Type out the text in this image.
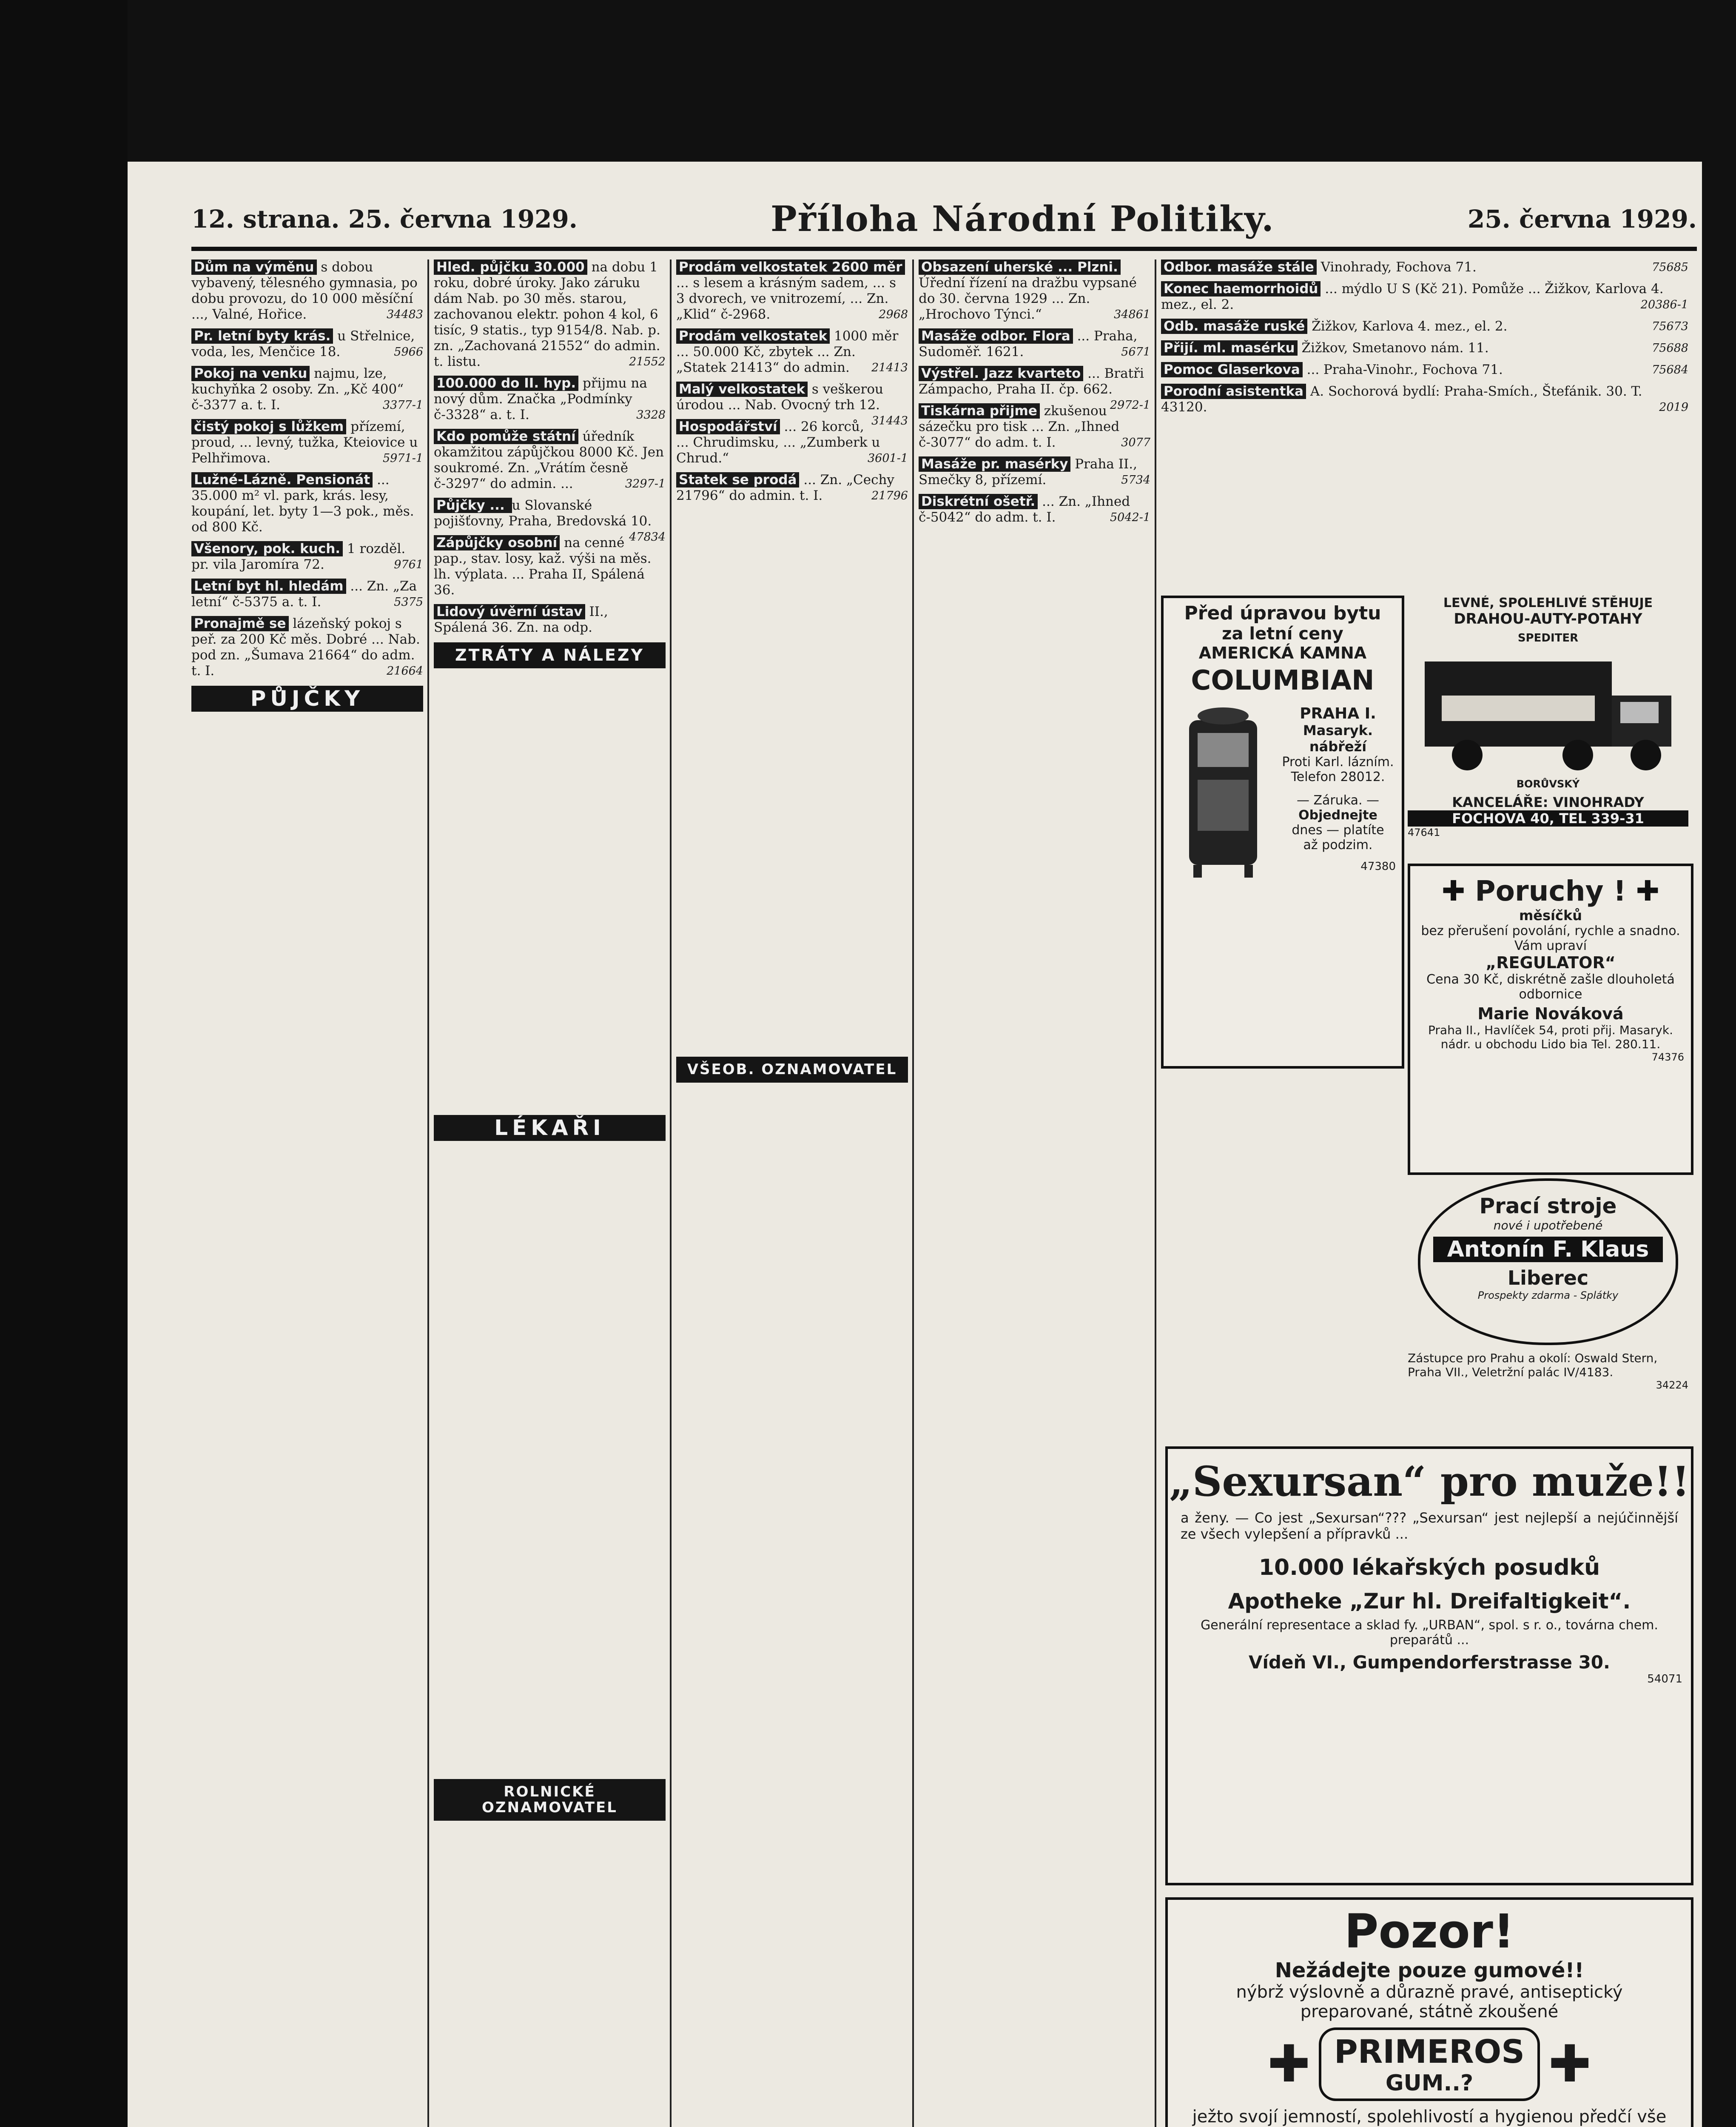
12. strana. 25. června 1929.	Příloha Národní Politiky.	25. června 1929.
Dům na výměnu s dobou vybavený, tělesného gymnasia, po dobu provozu, do 10 000 měsíční ..., Valné, Hořice.	34483
Pr. letní byty krás. u Střelnice, voda, les, Menčice 18.	5966
Pokoj na venku najmu, lze, kuchyňka 2 osoby. Zn. „Kč 400“ č-3377 a. t. I.	3377-1
čistý pokoj s lůžkem přízemí, proud, ... levný, tužka, Kteiovice u Pelhřimova.	5971-1
Lužné-Lázně. Pensionát ... 35.000 m² vl. park, krás. lesy, koupání, let. byty 1—3 pok., měs. od 800 Kč.
Všenory, pok. kuch. 1 rozděl. pr. vila Jaromíra 72.	9761
Letní byt hl. hledám ... Zn. „Za letní“ č-5375 a. t. I.	5375
Pronajmě se lázeňský pokoj s peř. za 200 Kč měs. Dobré ... Nab. pod zn. „Šumava 21664“ do adm. t. I.	21664
PŮJČKY
Hled. půjčku 30.000 na dobu 1 roku, dobré úroky. Jako záruku dám Nab. po 30 měs. starou, zachovanou elektr. pohon 4 kol, 6 tisíc, 9 statis., typ 9154/8. Nab. p. zn. „Zachovaná 21552“ do admin. t. listu.	21552
100.000 do II. hyp. přijmu na nový dům. Značka „Podmínky č-3328“ a. t. I.	3328
Kdo pomůže státní úředník okamžitou zápůjčkou 8000 Kč. Jen soukromé. Zn. „Vrátím česně č-3297“ do admin. ...	3297-1
Půjčky ... u Slovanské pojišťovny, Praha, Bredovská 10.
47834
Zápůjčky osobní na cenné pap., stav. losy, kaž. výši na měs. lh. výplata. ... Praha II, Spálená 36.
Lidový úvěrní ústav II., Spálená 36. Zn. na odp.
ZTRÁTY A NÁLEZY
LÉKAŘI
ROLNICKÉ OZNAMOVATEL
Prodám velkostatek 2600 měr ... s lesem a krásným sadem, ... s 3 dvorech, ve vnitrozemí, ... Zn. „Klid“ č-2968.	2968
Prodám velkostatek 1000 měr ... 50.000 Kč, zbytek ... Zn. „Statek 21413“ do admin. 21413
Malý velkostatek s veškerou úrodou ... Nab. Ovocný trh 12.
31443
Hospodářství ... 26 korců, ... Chrudimsku, ... „Zumberk u Chrud.“	3601-1
Statek se prodá ... Zn. „Cechy 21796“ do admin. t. I.	21796
VŠEOB. OZNAMOVATEL
Obsazení uherské ... Plzni. Úřední řízení na dražbu vypsané do 30. června 1929 ... Zn. „Hrochovo Týnci.“	34861
Masáže odbor. Flora ... Praha, Sudoměř. 1621.	5671
Výstřel. Jazz kvarteto ... Bratři Zámpacho, Praha II. čp. 662.
2972-1
Tiskárna přijme zkušenou sázečku pro tisk ... Zn. „Ihned č-3077“ do adm. t. I.	3077
Masáže pr. masérky Praha II., Smečky 8, přízemí.	5734
Diskrétní ošetř. ... Zn. „Ihned č-5042“ do adm. t. I.	5042-1
Odbor. masáže stále Vinohrady, Fochova 71.	75685
Konec haemorrhoidů ... mýdlo U S (Kč 21). Pomůže ... Žižkov, Karlova 4. mez., el. 2.	20386-1
Odb. masáže ruské Žižkov, Karlova 4. mez., el. 2.	75673
Přijí. ml. masérku Žižkov, Smetanovo nám. 11.	75688
Pomoc Glaserkova ... Praha-Vinohr., Fochova 71.	75684
Porodní asistentka A. Sochorová bydlí: Praha-Smích., Štefánik. 30. T. 43120.	2019
Před úpravou bytu
za letní ceny
AMERICKÁ KAMNA
COLUMBIAN
PRAHA I.
Masaryk. nábřeží
Proti Karl. lázním.
Telefon 28012.
— Záruka. —
Objednejte
dnes — platíte
až podzim.
47380
LEVNÉ, SPOLEHLIVÉ STĚHUJE
DRAHOU-AUTY-POTAHY
SPEDITER
BORŮVSKÝ
KANCELÁŘE: VINOHRADY
FOCHOVA 40, TEL 339-31
47641
✚ Poruchy ! ✚
měsíčků
bez přerušení povolání, rychle a snadno. Vám upraví
„REGULATOR“
Cena 30 Kč, diskrétně zašle dlouholetá odbornice
Marie Nováková
Praha II., Havlíček 54, proti přij. Masaryk. nádr. u obchodu Lido bia Tel. 280.11.
74376
Prací stroje
nové i upotřebené
Antonín F. Klaus
Liberec
Prospekty zdarma - Splátky
Zástupce pro Prahu a okolí: Oswald Stern, Praha VII., Veletržní palác IV/4183.
34224
„Sexursan“ pro muže!!
a ženy. — Co jest „Sexursan“??? „Sexursan“ jest nejlepší a nejúčinnější ze všech vylepšení a přípravků ...
10.000 lékařských posudků
Apotheke „Zur hl. Dreifaltigkeit“.
Generální representace a sklad fy. „URBAN“, spol. s r. o., továrna chem. preparátů ...
Vídeň VI., Gumpendorferstrasse 30.
54071
Pozor!
Nežádejte pouze gumové!!
nýbrž výslovně a důrazně pravé, antiseptický preparované, státně zkoušené
✚ PRIMEROS
GUM..?	✚
ježto svojí jemností, spolehlivostí a hygienou předčí vše
